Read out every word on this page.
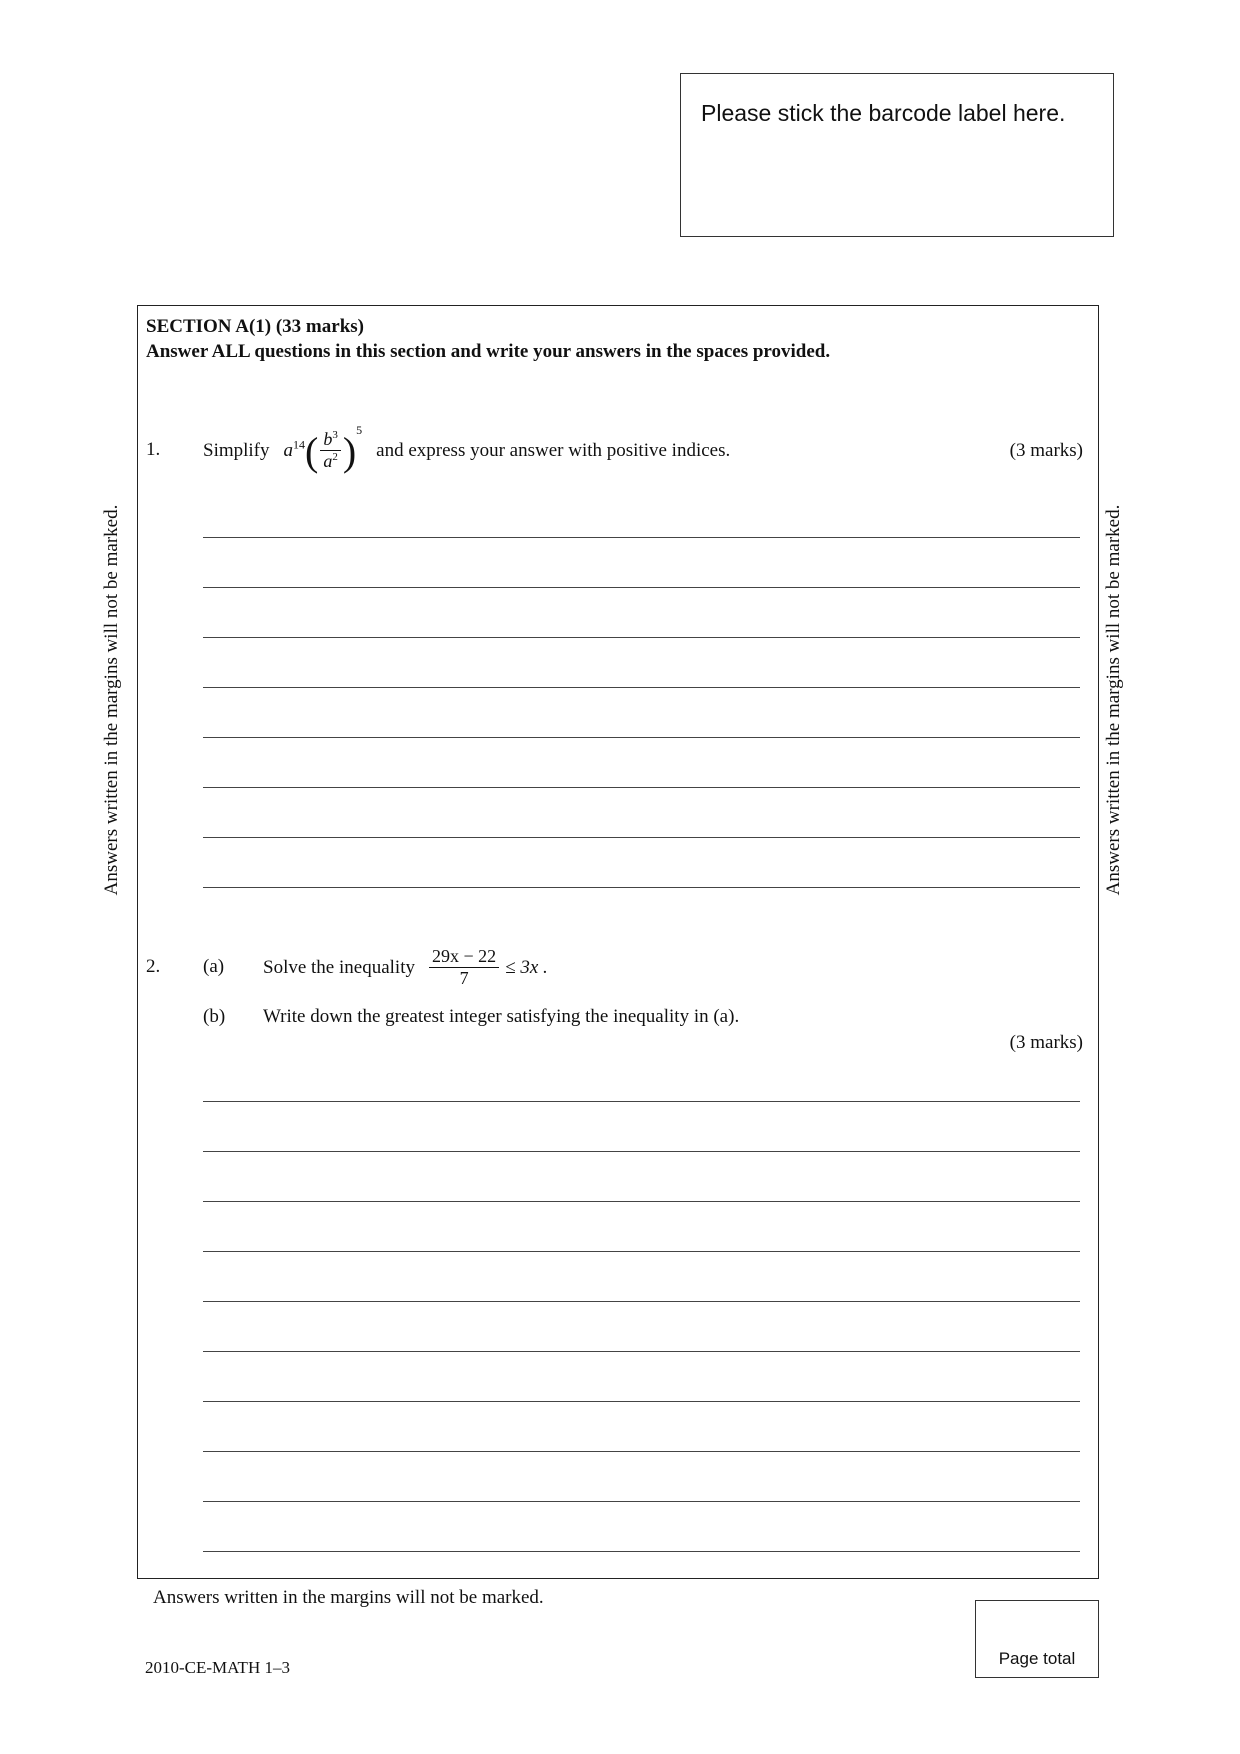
Please stick the barcode label here.
Answers written in the margins will not be marked.	Answers written in the margins will not be marked.
SECTION A(1) (33 marks)
Answer ALL questions in this section and write your answers in the spaces provided.
1. Simplify $a^{14}( \frac{b^3}{a^2} )^5$
and express your answer with positive indices.	(3 marks)
2. (a) Solve the inequality $\frac{29x - 22}{7} \le 3x$ .
(b) Write down the greatest integer satisfying the inequality in (a).
(3 marks)
Answers written in the margins will not be marked.
2010-CE-MATH 1–3	Page total
